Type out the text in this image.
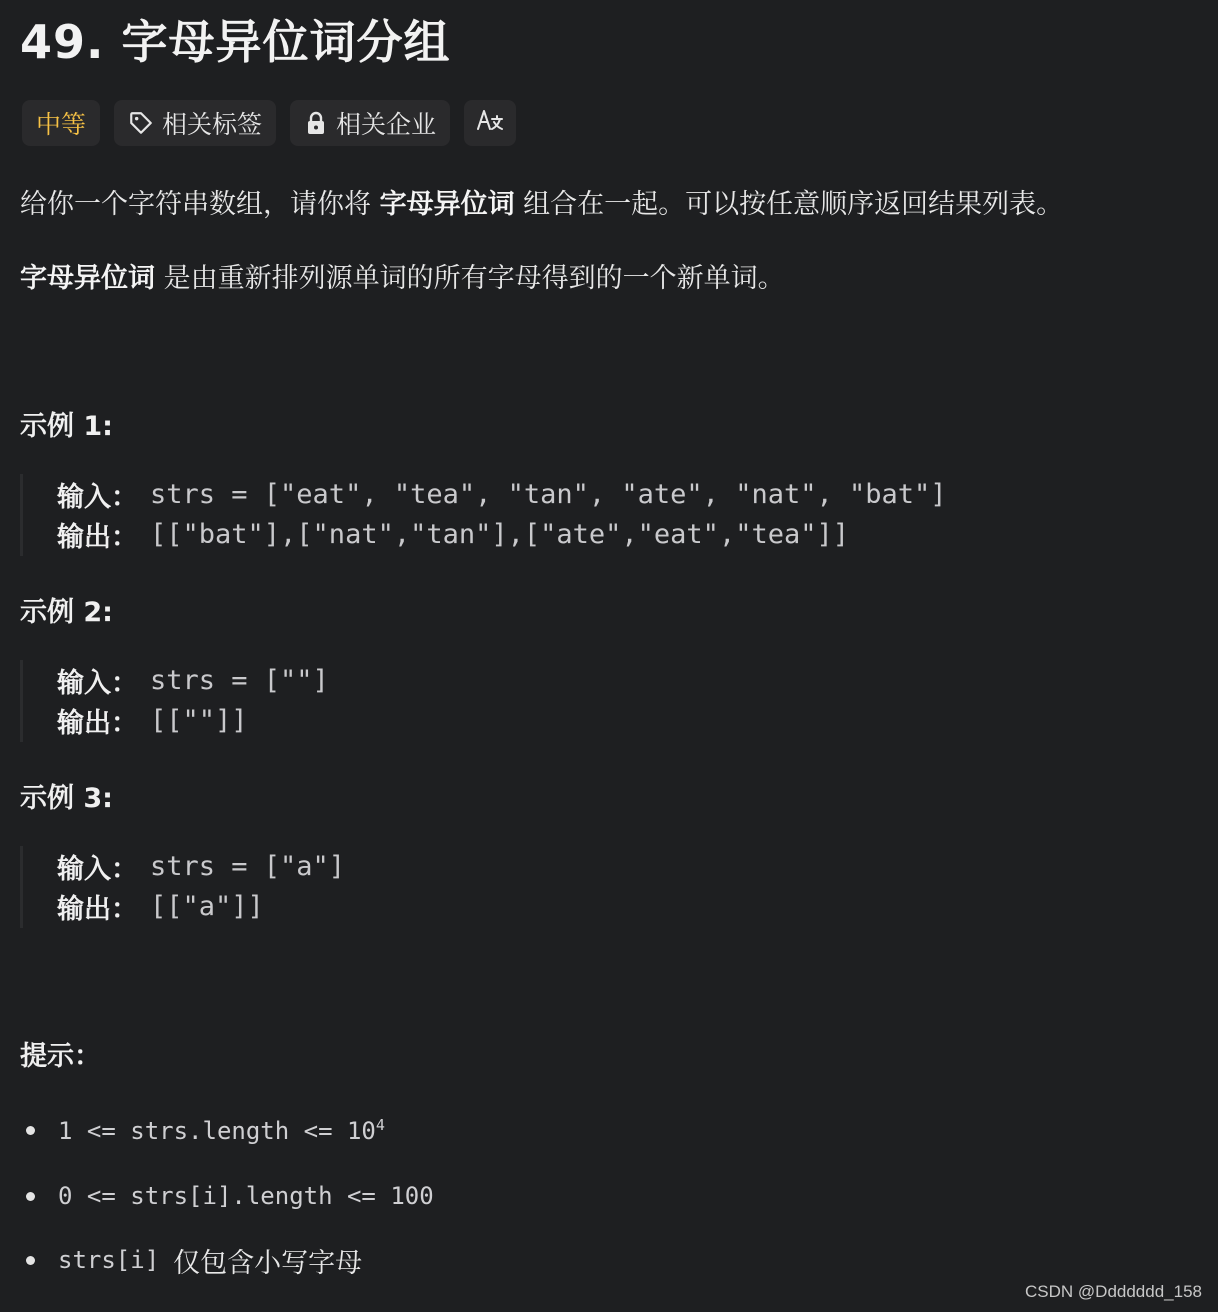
49. 字母异位词分组
中等	相关标签	相关企业
给你一个字符串数组，请你将 字母异位词 组合在一起。可以按任意顺序返回结果列表。
字母异位词 是由重新排列源单词的所有字母得到的一个新单词。
示例 1:
输入： strs = ["eat", "tea", "tan", "ate", "nat", "bat"]
输出： [["bat"],["nat","tan"],["ate","eat","tea"]]
示例 2:
输入： strs = [""]
输出： [[""]]
示例 3:
输入： strs = ["a"]
输出： [["a"]]
提示：
1 <= strs.length <= $10^4$
0 <= strs[i].length <= 100
strs[i] 仅包含小写字母
CSDN @Ddddddd_158
